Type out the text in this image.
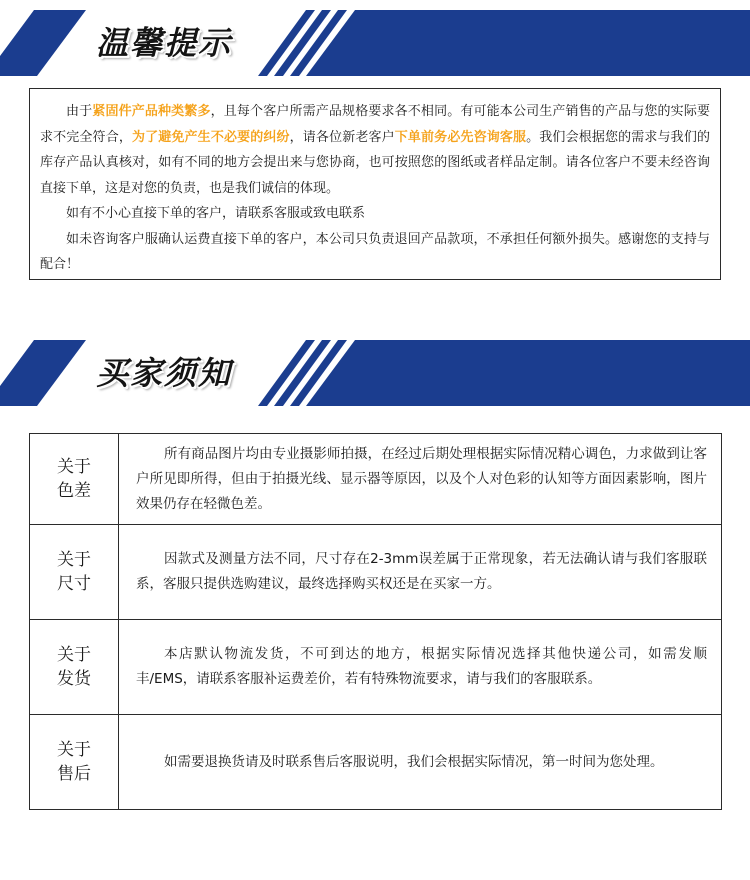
温馨提示

由于紧固件产品种类繁多，且每个客户所需产品规格要求各不相同。有可能本公司生产销售的产品与您的实际要求不完全符合，为了避免产生不必要的纠纷，请各位新老客户下单前务必先咨询客服。我们会根据您的需求与我们的库存产品认真核对，如有不同的地方会提出来与您协商，也可按照您的图纸或者样品定制。请各位客户不要未经咨询直接下单，这是对您的负责，也是我们诚信的体现。

如有不小心直接下单的客户，请联系客服或致电联系

如未咨询客户服确认运费直接下单的客户，本公司只负责退回产品款项，不承担任何额外损失。感谢您的支持与配合！

买家须知
关于色差

所有商品图片均由专业摄影师拍摄，在经过后期处理根据实际情况精心调色，力求做到让客户所见即所得，但由于拍摄光线、显示器等原因，以及个人对色彩的认知等方面因素影响，图片效果仍存在轻微色差。

关于尺寸

因款式及测量方法不同，尺寸存在2-3mm误差属于正常现象，若无法确认请与我们客服联系，客服只提供选购建议，最终选择购买权还是在买家一方。

关于发货

本店默认物流发货，不可到达的地方，根据实际情况选择其他快递公司，如需发顺丰/EMS，请联系客服补运费差价，若有特殊物流要求，请与我们的客服联系。

关于售后

如需要退换货请及时联系售后客服说明，我们会根据实际情况，第一时间为您处理。
